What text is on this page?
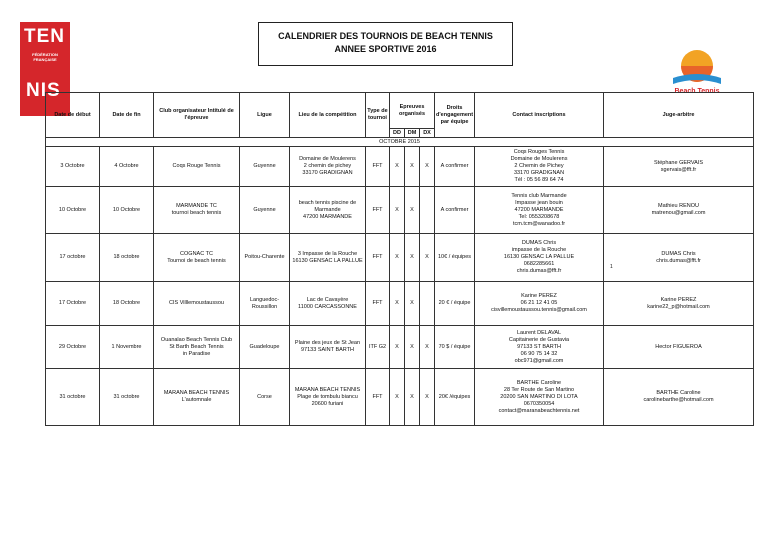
TEN
FÉDÉRATION FRANÇAISE
NIS	Beach Tennis
CALENDRIER DES TOURNOIS DE BEACH TENNIS
ANNEE SPORTIVE 2016
Date de début	Date de fin	Club organisateur Intitulé de l'épreuve	Ligue	Lieu de la compétition	Type de tournoi	Epreuves organisés			Droits d'engagement par équipe	Contact inscriptions	Juge-arbitre
						DD	DM	DX			
OCTOBRE 2015											
3 Octobre	4 Octobre	Coqs Rouge Tennis	Guyenne	Domaine de Moulerens
2 chemin de pichey
33170 GRADIGNAN	FFT	X	X	X	A confirmer	Coqs Rouges Tennis
Domaine de Moulerens
2 Chemin de Pichey
33170 GRADIGNAN
Tél : 05 56 89 64 74	Stéphane GERVAIS
sgervais@fft.fr
10 Octobre	10 Octobre	MARMANDE TC
tournoi beach tennis	Guyenne	beach tennis piscine de Marmande
47200 MARMANDE	FFT	X	X		A confirmer	Tennis club Marmande
Impasse jean bouin
47200 MARMANDE
Tel: 0553208678
tcm.tcm@wanadoo.fr	Mathieu RENOU
matrenou@gmail.com
17 octobre	18 octobre	COGNAC TC
Tournoi de beach tennis	Poitou-Charente	3 Impasse de la Rouche
16130 GENSAC LA PALLUE	FFT	X	X	X	10€ / équipes	DUMAS Chris
impasse de la Rouche
16130 GENSAC LA PALLUE
0682285661
chris.dumas@fft.fr	DUMAS Chris
chris.dumas@fft.fr
17 Octobre	18 Octobre	CIS Villlemoustaussou	Languedoc-Roussillon	Lac de Cavayère
11000 CARCASSONNE	FFT	X	X		20 € / équipe	Karine PEREZ
06 21 12 41 05
cisvillemoustaussou.tennis@gmail.com	Karine PEREZ
karine22_p@hotmail.com
29 Octobre	1 Novembre	Ouanalao Beach Tennis Club
St Barth Beach Tennis
in Paradise	Guadeloupe	Plaine des jeux de St Jean
97133 SAINT BARTH	ITF G2	X	X	X	70 $ / équipe	Laurent DELAVAL
Capitainerie de Gustavia
97133 ST BARTH
06 90 75 14 32
obc971@gmail.com	Hector FIGUEROA
31 octobre	31 octobre	MARANA BEACH TENNIS
L'automnale	Corse	MARANA BEACH TENNIS
Plage de tombulu biancu
20600 furiani	FFT	X	X	X	20€ /équipes	BARTHE Caroline
28 Ter Route de San Martino
20200 SAN MARTINO DI LOTA
0670350054
contact@maranabeachtennis.net	BARTHE Caroline
carolinebarthe@hotmail.com
1
